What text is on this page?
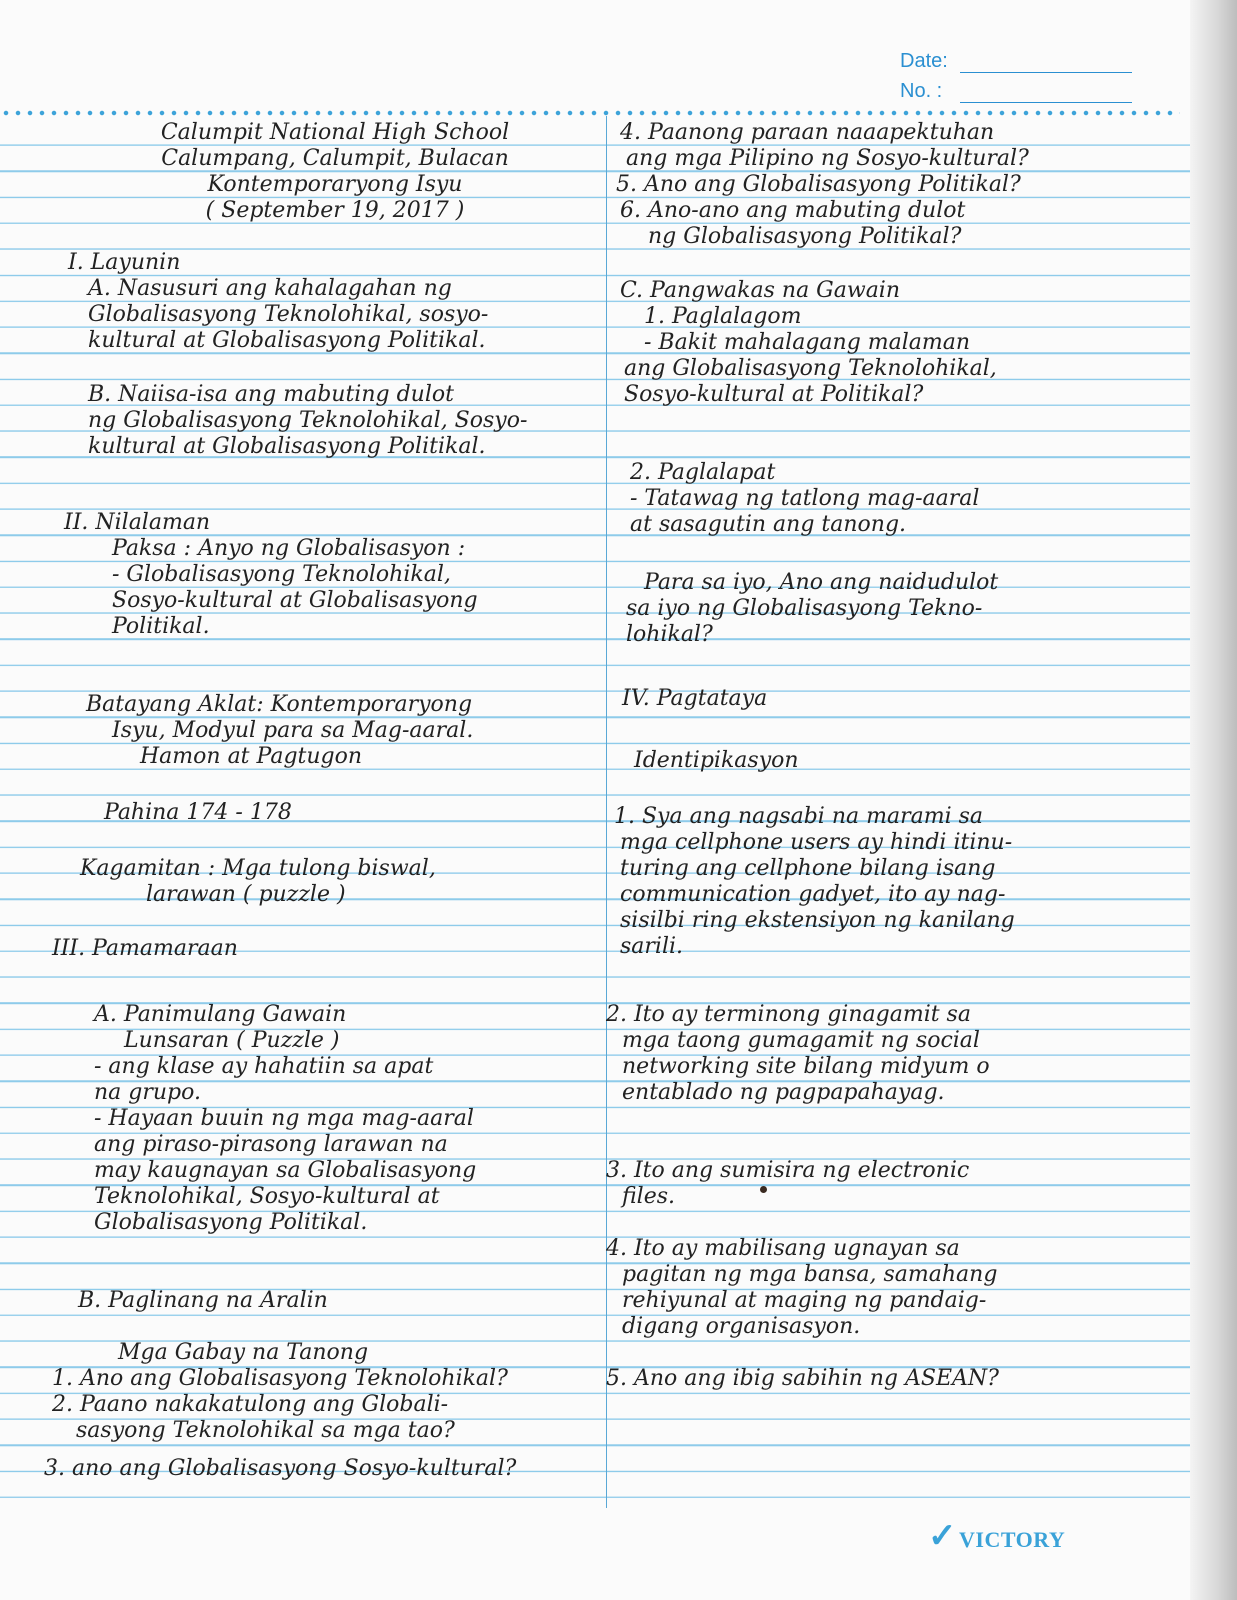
Date:
No. :
Calumpit National High School
Calumpang, Calumpit, Bulacan
Kontemporaryong Isyu
( September 19, 2017 )
I. Layunin
A. Nasusuri ang kahalagahan ng
Globalisasyong Teknolohikal, sosyo-
kultural at Globalisasyong Politikal.
B. Naiisa-isa ang mabuting dulot
ng Globalisasyong Teknolohikal, Sosyo-
kultural at Globalisasyong Politikal.
II. Nilalaman
Paksa : Anyo ng Globalisasyon :
- Globalisasyong Teknolohikal,
Sosyo-kultural at Globalisasyong
Politikal.
Batayang Aklat: Kontemporaryong
Isyu, Modyul para sa Mag-aaral.
Hamon at Pagtugon
Pahina 174 - 178
Kagamitan : Mga tulong biswal,
larawan ( puzzle )
III. Pamamaraan
A. Panimulang Gawain
Lunsaran ( Puzzle )
- ang klase ay hahatiin sa apat
na grupo.
- Hayaan buuin ng mga mag-aaral
ang piraso-pirasong larawan na
may kaugnayan sa Globalisasyong
Teknolohikal, Sosyo-kultural at
Globalisasyong Politikal.
B. Paglinang na Aralin
Mga Gabay na Tanong
1. Ano ang Globalisasyong Teknolohikal?
2. Paano nakakatulong ang Globali-
sasyong Teknolohikal sa mga tao?
3. ano ang Globalisasyong Sosyo-kultural?
4. Paanong paraan naaapektuhan
ang mga Pilipino ng Sosyo-kultural?
5. Ano ang Globalisasyong Politikal?
6. Ano-ano ang mabuting dulot
ng Globalisasyong Politikal?
C. Pangwakas na Gawain
1. Paglalagom
- Bakit mahalagang malaman
ang Globalisasyong Teknolohikal,
Sosyo-kultural at Politikal?
2. Paglalapat
- Tatawag ng tatlong mag-aaral
at sasagutin ang tanong.
Para sa iyo, Ano ang naidudulot
sa iyo ng Globalisasyong Tekno-
lohikal?
IV. Pagtataya
Identipikasyon
1. Sya ang nagsabi na marami sa
mga cellphone users ay hindi itinu-
turing ang cellphone bilang isang
communication gadyet, ito ay nag-
sisilbi ring ekstensiyon ng kanilang
sarili.
2. Ito ay terminong ginagamit sa
mga taong gumagamit ng social
networking site bilang midyum o
entablado ng pagpapahayag.
3. Ito ang sumisira ng electronic
files.
4. Ito ay mabilisang ugnayan sa
pagitan ng mga bansa, samahang
rehiyunal at maging ng pandaig-
digang organisasyon.
5. Ano ang ibig sabihin ng ASEAN?
✓VICTORY
